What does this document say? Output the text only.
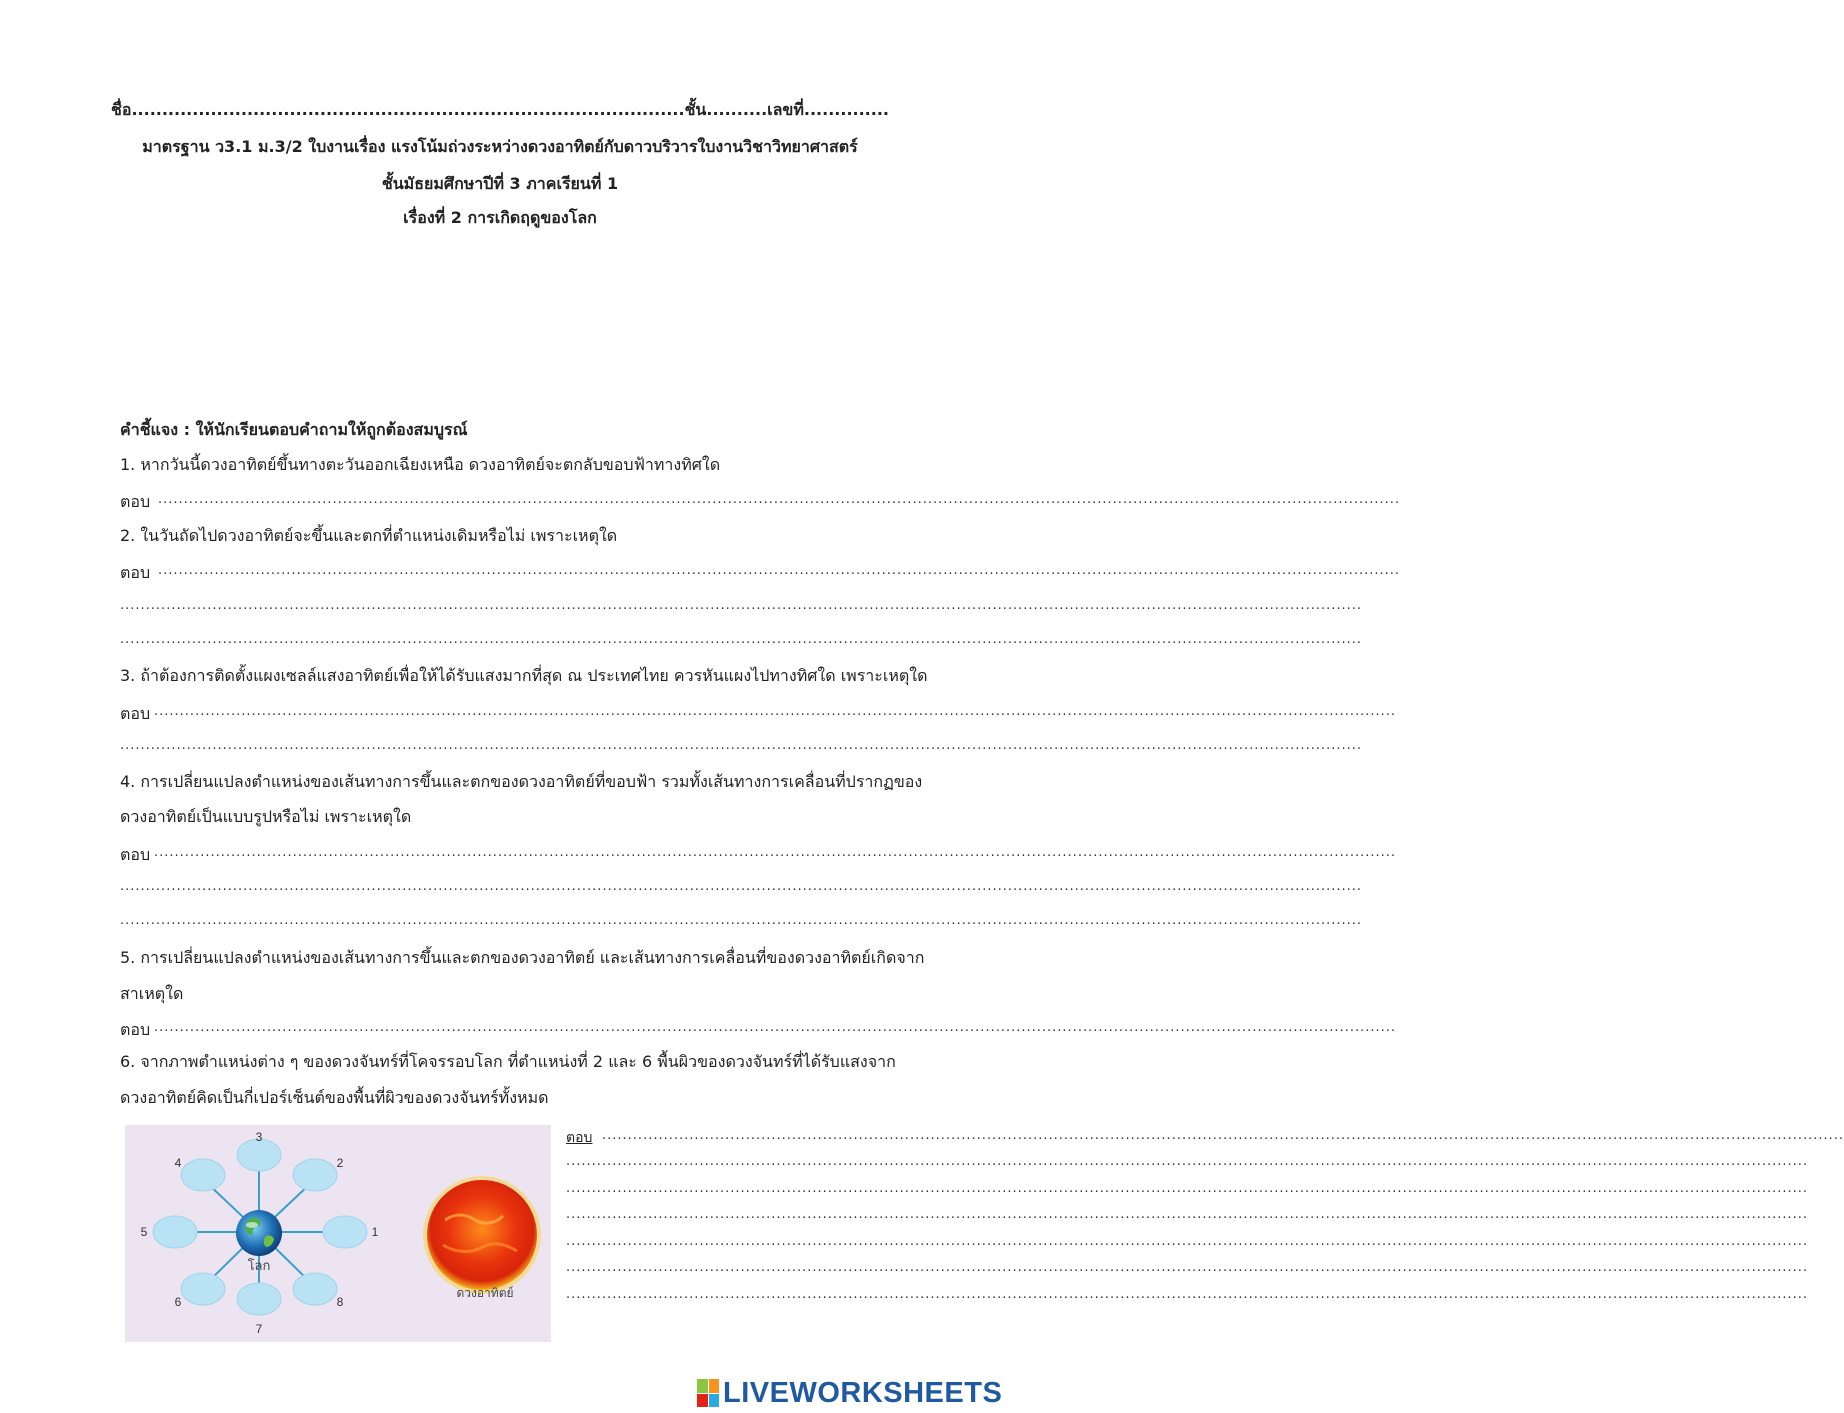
ชื่อ...........................................................................................ชั้น..........เลขที่..............
มาตรฐาน ว3.1 ม.3/2 ใบงานเรื่อง แรงโน้มถ่วงระหว่างดวงอาทิตย์กับดาวบริวารใบงานวิชาวิทยาศาสตร์
ชั้นมัธยมศึกษาปีที่ 3 ภาคเรียนที่ 1
เรื่องที่ 2 การเกิดฤดูของโลก
คำชี้แจง : ให้นักเรียนตอบคำถามให้ถูกต้องสมบูรณ์
1. หากวันนี้ดวงอาทิตย์ขึ้นทางตะวันออกเฉียงเหนือ ดวงอาทิตย์จะตกลับขอบฟ้าทางทิศใด
ตอบ ..................................................................................................................................................................................................................................................
2. ในวันถัดไปดวงอาทิตย์จะขึ้นและตกที่ตำแหน่งเดิมหรือไม่ เพราะเหตุใด
ตอบ ..................................................................................................................................................................................................................................................
..................................................................................................................................................................................................................................................
..................................................................................................................................................................................................................................................
3. ถ้าต้องการติดตั้งแผงเซลล์แสงอาทิตย์เพื่อให้ได้รับแสงมากที่สุด ณ ประเทศไทย ควรหันแผงไปทางทิศใด เพราะเหตุใด
ตอบ ..................................................................................................................................................................................................................................................
..................................................................................................................................................................................................................................................
4. การเปลี่ยนแปลงตำแหน่งของเส้นทางการขึ้นและตกของดวงอาทิตย์ที่ขอบฟ้า รวมทั้งเส้นทางการเคลื่อนที่ปรากฏของ
ดวงอาทิตย์เป็นแบบรูปหรือไม่ เพราะเหตุใด
ตอบ ..................................................................................................................................................................................................................................................
..................................................................................................................................................................................................................................................
..................................................................................................................................................................................................................................................
5. การเปลี่ยนแปลงตำแหน่งของเส้นทางการขึ้นและตกของดวงอาทิตย์ และเส้นทางการเคลื่อนที่ของดวงอาทิตย์เกิดจาก
สาเหตุใด
ตอบ ..................................................................................................................................................................................................................................................
6. จากภาพตำแหน่งต่าง ๆ ของดวงจันทร์ที่โคจรรอบโลก ที่ตำแหน่งที่ 2 และ 6 พื้นผิวของดวงจันทร์ที่ได้รับแสงจาก
ดวงอาทิตย์คิดเป็นกี่เปอร์เซ็นต์ของพื้นที่ผิวของดวงจันทร์ทั้งหมด
1
2
3
4
5
6
7
8
โลก
ดวงอาทิตย์
ตอบ ..................................................................................................................................................................................................................................................
..................................................................................................................................................................................................................................................
..................................................................................................................................................................................................................................................
..................................................................................................................................................................................................................................................
..................................................................................................................................................................................................................................................
..................................................................................................................................................................................................................................................
..................................................................................................................................................................................................................................................
LIVEWORKSHEETS
